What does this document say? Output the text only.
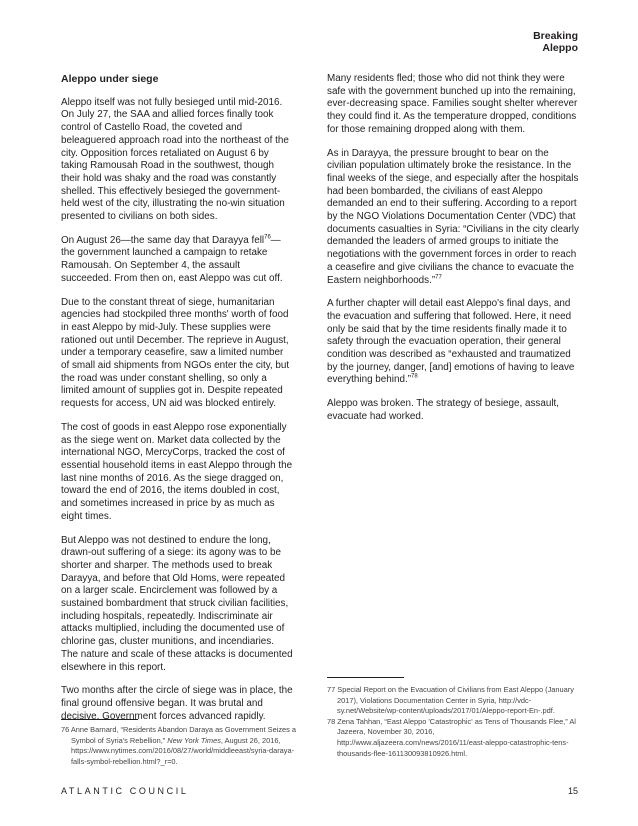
Breaking
Aleppo
Aleppo under siege

Aleppo itself was not fully besieged until mid-2016. On July 27, the SAA and allied forces finally took control of Castello Road, the coveted and beleaguered approach road into the northeast of the city. Opposition forces retaliated on August 6 by taking Ramousah Road in the southwest, though their hold was shaky and the road was constantly shelled. This effectively besieged the government-held west of the city, illustrating the no-win situation presented to civilians on both sides.

On August 26—the same day that Darayya fell$^{76}$—the government launched a campaign to retake Ramousah. On September 4, the assault succeeded. From then on, east Aleppo was cut off.

Due to the constant threat of siege, humanitarian agencies had stockpiled three months' worth of food in east Aleppo by mid-July. These supplies were rationed out until December. The reprieve in August, under a temporary ceasefire, saw a limited number of small aid shipments from NGOs enter the city, but the road was under constant shelling, so only a limited amount of supplies got in. Despite repeated requests for access, UN aid was blocked entirely.

The cost of goods in east Aleppo rose exponentially as the siege went on. Market data collected by the international NGO, MercyCorps, tracked the cost of essential household items in east Aleppo through the last nine months of 2016. As the siege dragged on, toward the end of 2016, the items doubled in cost, and sometimes increased in price by as much as eight times.

But Aleppo was not destined to endure the long, drawn-out suffering of a siege: its agony was to be shorter and sharper. The methods used to break Darayya, and before that Old Homs, were repeated on a larger scale. Encirclement was followed by a sustained bombardment that struck civilian facilities, including hospitals, repeatedly. Indiscriminate air attacks multiplied, including the documented use of chlorine gas, cluster munitions, and incendiaries. The nature and scale of these attacks is documented elsewhere in this report.

Two months after the circle of siege was in place, the final ground offensive began. It was brutal and decisive. Government forces advanced rapidly.

Many residents fled; those who did not think they were safe with the government bunched up into the remaining, ever-decreasing space. Families sought shelter wherever they could find it. As the temperature dropped, conditions for those remaining dropped along with them.

As in Darayya, the pressure brought to bear on the civilian population ultimately broke the resistance. In the final weeks of the siege, and especially after the hospitals had been bombarded, the civilians of east Aleppo demanded an end to their suffering. According to a report by the NGO Violations Documentation Center (VDC) that documents casualties in Syria: “Civilians in the city clearly demanded the leaders of armed groups to initiate the negotiations with the government forces in order to reach a ceasefire and give civilians the chance to evacuate the Eastern neighborhoods.”$^{77}$

A further chapter will detail east Aleppo's final days, and the evacuation and suffering that followed. Here, it need only be said that by the time residents finally made it to safety through the evacuation operation, their general condition was described as “exhausted and traumatized by the journey, danger, [and] emotions of having to leave everything behind.”$^{78}$

Aleppo was broken. The strategy of besiege, assault, evacuate had worked.

76 Anne Barnard, “Residents Abandon Daraya as Government Seizes a Symbol of Syria's Rebellion,” New York Times, August 26, 2016, https://www.nytimes.com/2016/08/27/world/middleeast/syria-daraya-falls-symbol-rebellion.html?_r=0.

77 Special Report on the Evacuation of Civilians from East Aleppo (January 2017), Violations Documentation Center in Syria, http://vdc-sy.net/Website/wp-content/uploads/2017/01/Aleppo-report-En-.pdf.

78 Zena Tahhan, “East Aleppo 'Catastrophic' as Tens of Thousands Flee,” Al Jazeera, November 30, 2016, http://www.aljazeera.com/news/2016/11/east-aleppo-catastrophic-tens-thousands-flee-161130093810926.html.

ATLANTIC COUNCIL	15
